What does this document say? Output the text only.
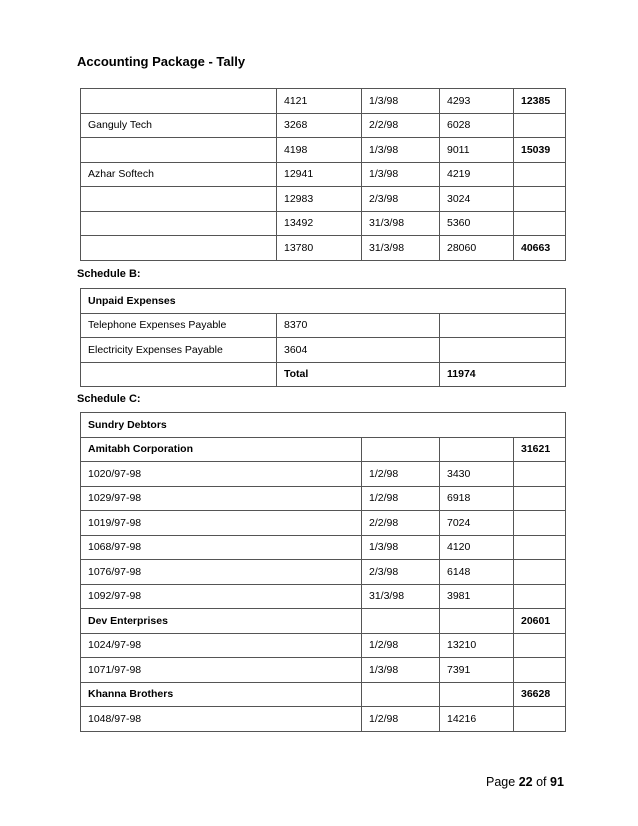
Accounting Package - Tally
	4121	1/3/98	4293	12385
Ganguly Tech	3268	2/2/98	6028	
	4198	1/3/98	9011	15039
Azhar Softech	12941	1/3/98	4219	
	12983	2/3/98	3024	
	13492	31/3/98	5360	
	13780	31/3/98	28060	40663
Schedule B:
Unpaid Expenses		
Telephone Expenses Payable	8370	
Electricity Expenses Payable	3604	
	Total	11974
Schedule C:
Sundry Debtors			
Amitabh Corporation			31621
1020/97-98	1/2/98	3430	
1029/97-98	1/2/98	6918	
1019/97-98	2/2/98	7024	
1068/97-98	1/3/98	4120	
1076/97-98	2/3/98	6148	
1092/97-98	31/3/98	3981	
Dev Enterprises			20601
1024/97-98	1/2/98	13210	
1071/97-98	1/3/98	7391	
Khanna Brothers			36628
1048/97-98	1/2/98	14216	
Page 22 of 91
